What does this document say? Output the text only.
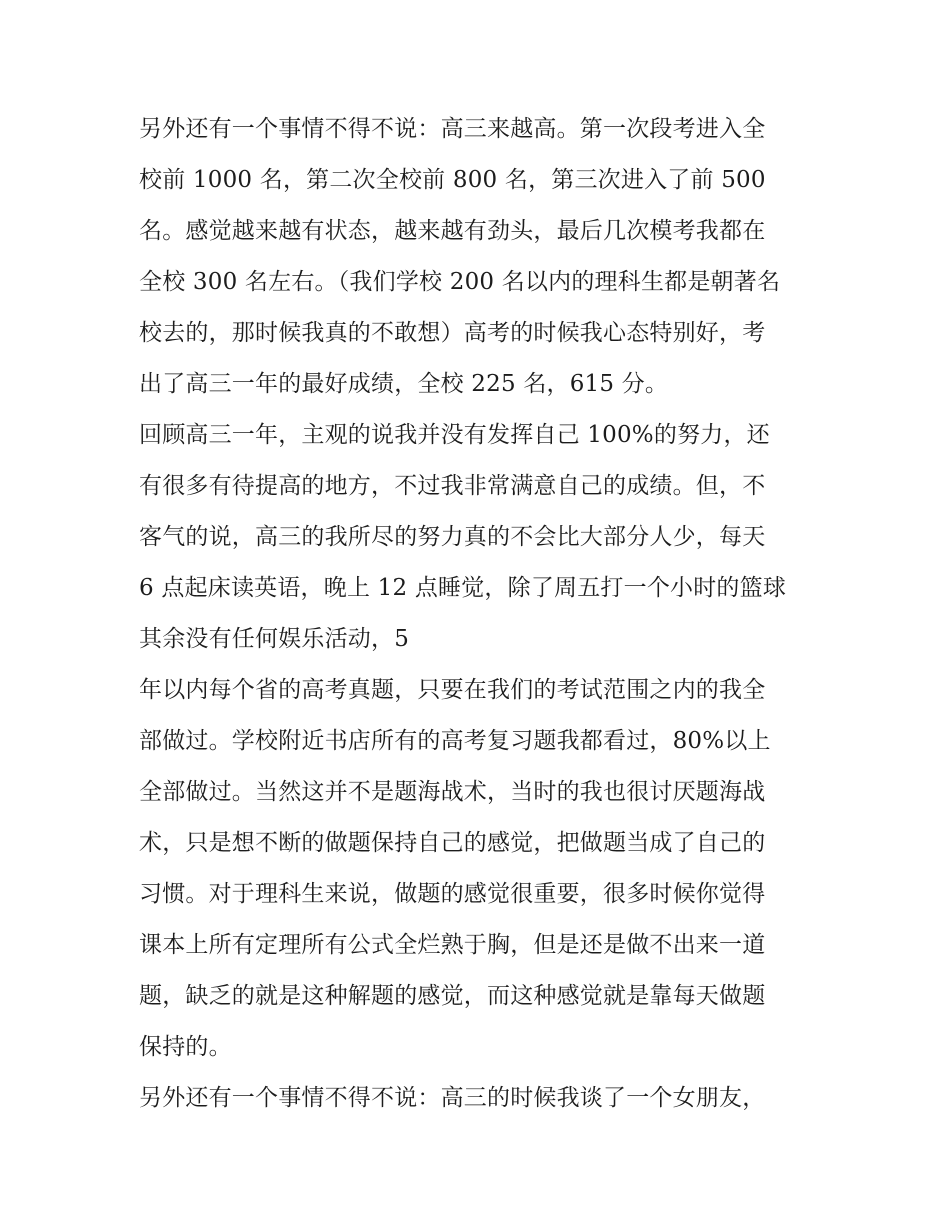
另外还有一个事情不得不说：高三来越高。第一次段考进入全
校前 1000 名，第二次全校前 800 名，第三次进入了前 500
名。感觉越来越有状态，越来越有劲头，最后几次模考我都在
全校 300 名左右。（我们学校 200 名以内的理科生都是朝著名
校去的，那时候我真的不敢想）高考的时候我心态特别好，考
出了高三一年的最好成绩，全校 225 名，615 分。
回顾高三一年，主观的说我并没有发挥自己 100%的努力，还
有很多有待提高的地方，不过我非常满意自己的成绩。但，不
客气的说，高三的我所尽的努力真的不会比大部分人少，每天
6 点起床读英语，晚上 12 点睡觉，除了周五打一个小时的篮球
其余没有任何娱乐活动，5
年以内每个省的高考真题，只要在我们的考试范围之内的我全
部做过。学校附近书店所有的高考复习题我都看过，80%以上
全部做过。当然这并不是题海战术，当时的我也很讨厌题海战
术，只是想不断的做题保持自己的感觉，把做题当成了自己的
习惯。对于理科生来说，做题的感觉很重要，很多时候你觉得
课本上所有定理所有公式全烂熟于胸，但是还是做不出来一道
题，缺乏的就是这种解题的感觉，而这种感觉就是靠每天做题
保持的。
另外还有一个事情不得不说：高三的时候我谈了一个女朋友，
